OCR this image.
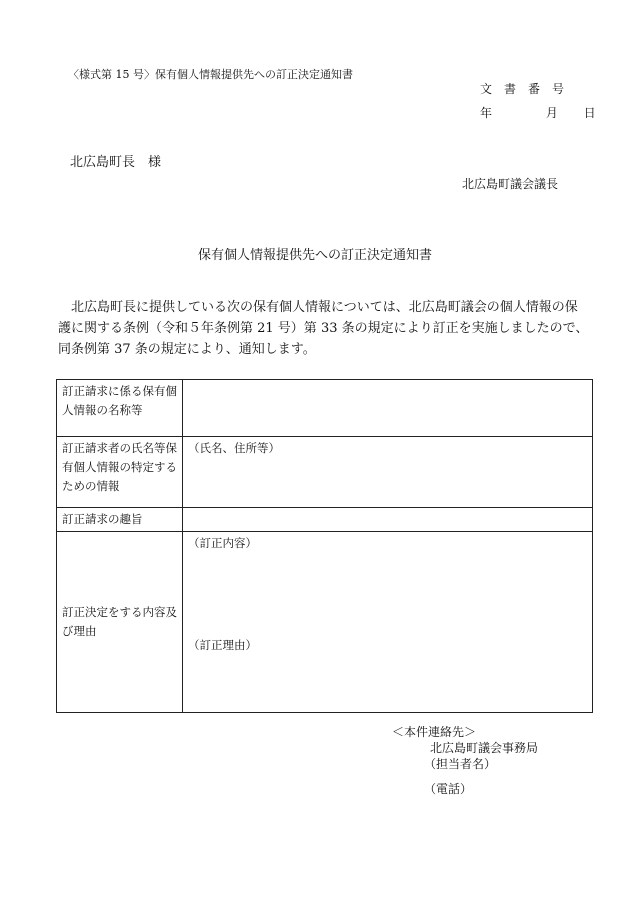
〈様式第 15 号〉保有個人情報提供先への訂正決定通知書
文書番号
年	月 日
北広島町長　様
北広島町議会議長
保有個人情報提供先への訂正決定通知書

　北広島町長に提供している次の保有個人情報については、北広島町議会の個人情報の保護に関する条例（令和５年条例第 21 号）第 33 条の規定により訂正を実施しましたので、同条例第 37 条の規定により、通知します。

訂正請求に係る保有個人情報の名称等	
訂正請求者の氏名等保有個人情報の特定するための情報	（氏名、住所等）
訂正請求の趣旨	
訂正決定をする内容及び理由	（訂正内容）
（訂正理由）
＜本件連絡先＞
北広島町議会事務局
（担当者名）
（電話）
